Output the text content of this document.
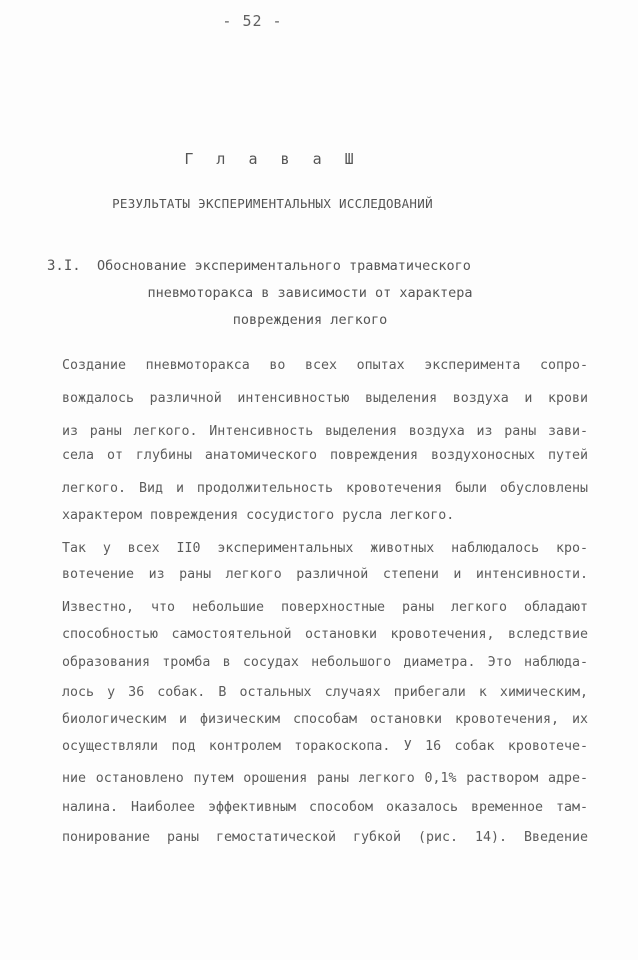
- 52 -
Г л а в а Ш
РЕЗУЛЬТАТЫ ЭКСПЕРИМЕНТАЛЬНЫХ ИССЛЕДОВАНИЙ
3.I. Обоснование экспериментального травматического
пневмоторакса в зависимости от характера
повреждения легкого
Создание пневмоторакса во всех опытах эксперимента сопро-
вождалось различной интенсивностью выделения воздуха и крови
из раны легкого. Интенсивность выделения воздуха из раны зави-
села от глубины анатомического повреждения воздухоносных путей
легкого. Вид и продолжительность кровотечения были обусловлены
характером повреждения сосудистого русла легкого.
Так у всех II0 экспериментальных животных наблюдалось кро-
вотечение из раны легкого различной степени и интенсивности.
Известно, что небольшие поверхностные раны легкого обладают
способностью самостоятельной остановки кровотечения, вследствие
образования тромба в сосудах небольшого диаметра. Это наблюда-
лось у 36 собак. В остальных случаях прибегали к химическим,
биологическим и физическим способам остановки кровотечения, их
осуществляли под контролем торакоскопа. У 16 собак кровотече-
ние остановлено путем орошения раны легкого 0,1% раствором адре-
налина. Наиболее эффективным способом оказалось временное там-
понирование раны гемостатической губкой (рис. 14). Введение
